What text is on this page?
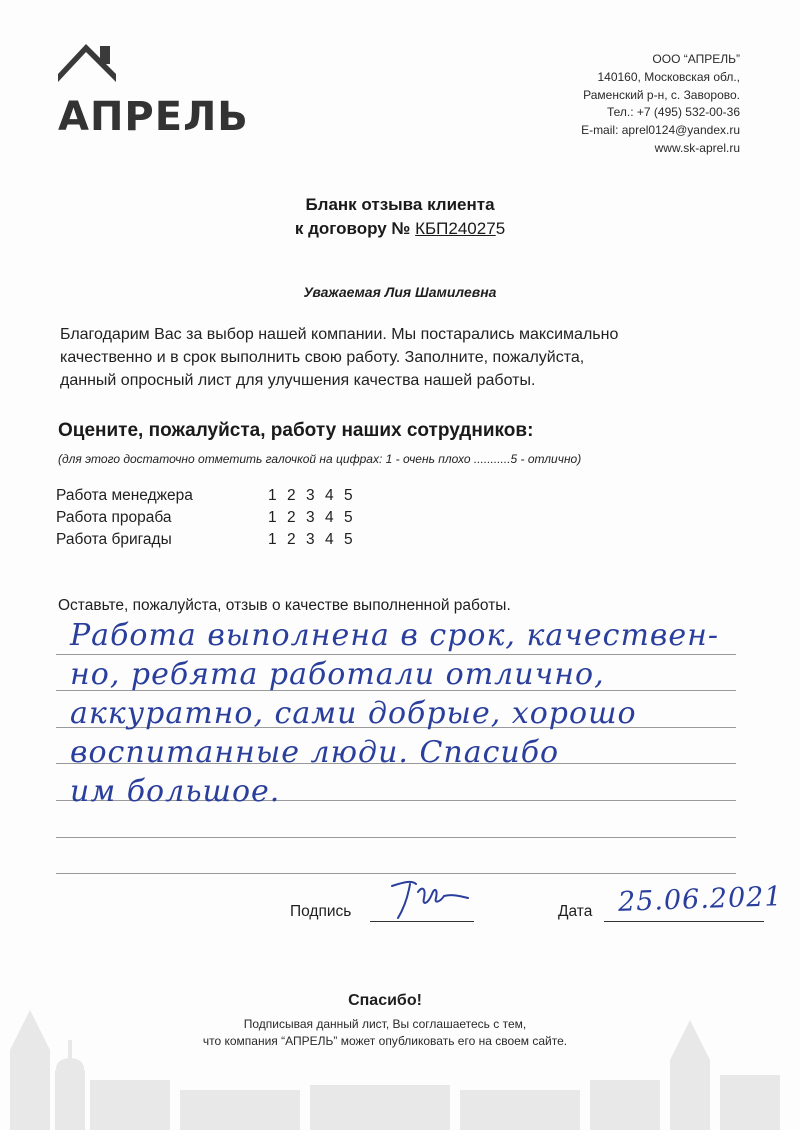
АПРЕЛЬ
ООО “АПРЕЛЬ”
140160, Московская обл.,
Раменский р-н, с. Заворово.
Тел.: +7 (495) 532-00-36
E-mail: aprel0124@yandex.ru
www.sk-aprel.ru
Бланк отзыва клиента
к договору № КБП240275
Уважаемая Лия Шамилевна
Благодарим Вас за выбор нашей компании. Мы постарались максимально
качественно и в срок выполнить свою работу. Заполните, пожалуйста,
данный опросный лист для улучшения качества нашей работы.
Оцените, пожалуйста, работу наших сотрудников:
(для этого достаточно отметить галочкой на цифрах: 1 - очень плохо ...........5 - отлично)
Работа менеджера	1 2 3 4 5
Работа прораба	1 2 3 4 5
Работа бригады	1 2 3 4 5
Оставьте, пожалуйста, отзыв о качестве выполненной работы.
Работа выполнена в срок, качествен-
но, ребята работали отлично,
аккуратно, сами добрые, хорошо
воспитанные люди. Спасибо
им большое.
Подпись	Дата 25.06.2021
Спасибо!
Подписывая данный лист, Вы соглашаетесь с тем,
что компания “АПРЕЛЬ” может опубликовать его на своем сайте.
